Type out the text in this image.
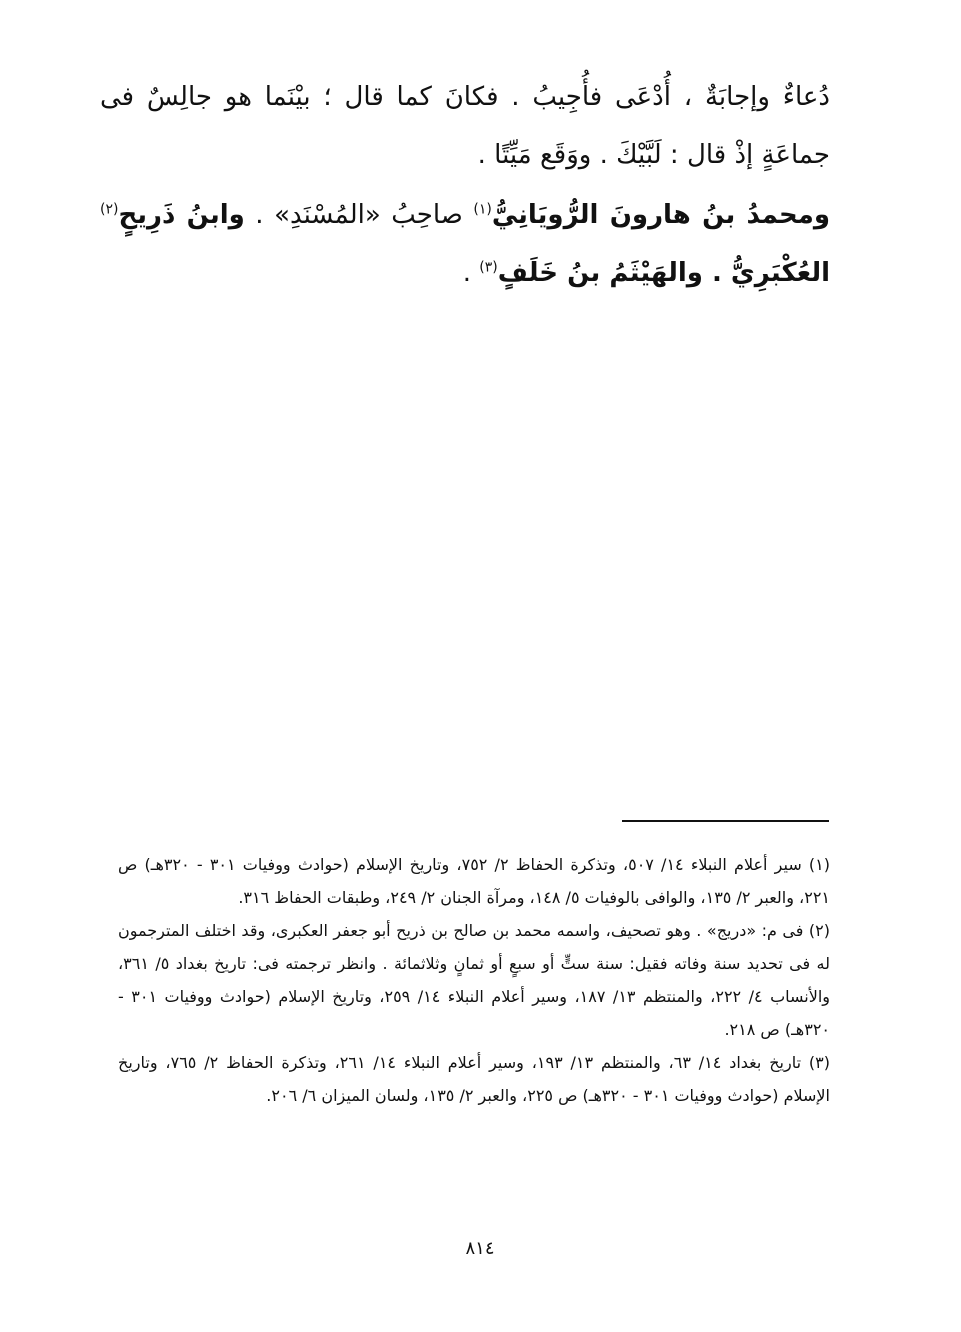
دُعاءٌ وإجابَةٌ ، أُدْعَى فأُجِيبُ . فكانَ كما قال ؛ بيْنَما هو جالِسٌ فى جماعَةٍ إذْ قال : لَبَّيْكَ . ووَقَع مَيِّتًا .

ومحمدُ بنُ هارونَ الرُّويَانِيُّ$^{(١)}$ صاحِبُ «المُسْنَدِ» . وابنُ ذَرِيحٍ$^{(٢)}$ العُكْبَرِيُّ . والهَيْثَمُ بنُ خَلَفٍ$^{(٣)}$ .

(١) سير أعلام النبلاء ١٤/ ٥٠٧، وتذكرة الحفاظ ٢/ ٧٥٢، وتاريخ الإسلام (حوادث ووفيات ٣٠١ - ٣٢٠هـ) ص ٢٢١، والعبر ٢/ ١٣٥، والوافى بالوفيات ٥/ ١٤٨، ومرآة الجنان ٢/ ٢٤٩، وطبقات الحفاظ ٣١٦.

(٢) فى م: «دريج» . وهو تصحيف، واسمه محمد بن صالح بن ذريح أبو جعفر العكبرى، وقد اختلف المترجمون له فى تحديد سنة وفاته فقيل: سنة ستٍّ أو سبعٍ أو ثمانٍ وثلاثمائة . وانظر ترجمته فى: تاريخ بغداد ٥/ ٣٦١، والأنساب ٤/ ٢٢٢، والمنتظم ١٣/ ١٨٧، وسير أعلام النبلاء ١٤/ ٢٥٩، وتاريخ الإسلام (حوادث ووفيات ٣٠١ - ٣٢٠هـ) ص ٢١٨.

(٣) تاريخ بغداد ١٤/ ٦٣، والمنتظم ١٣/ ١٩٣، وسير أعلام النبلاء ١٤/ ٢٦١، وتذكرة الحفاظ ٢/ ٧٦٥، وتاريخ الإسلام (حوادث ووفيات ٣٠١ - ٣٢٠هـ) ص ٢٢٥، والعبر ٢/ ١٣٥، ولسان الميزان ٦/ ٢٠٦.

٨١٤
